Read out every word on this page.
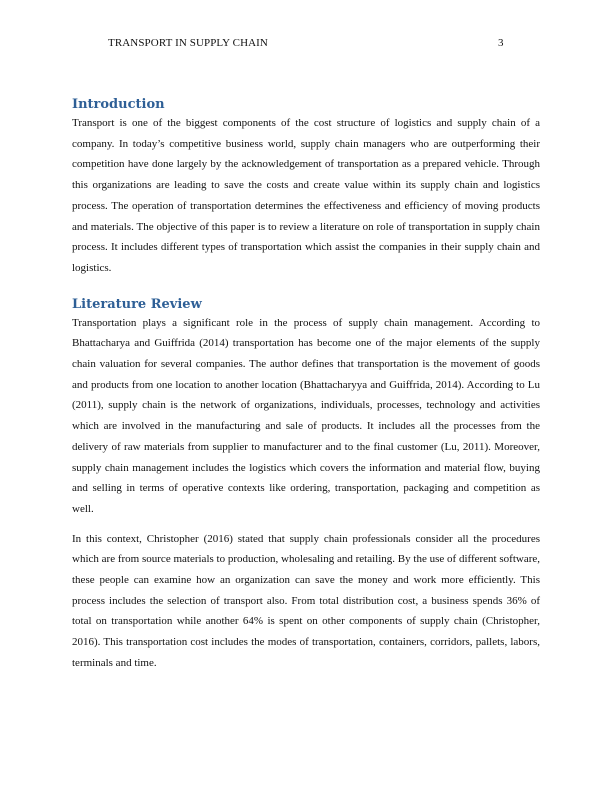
TRANSPORT IN SUPPLY CHAIN	3
Introduction

Transport is one of the biggest components of the cost structure of logistics and supply chain of a company. In today’s competitive business world, supply chain managers who are outperforming their competition have done largely by the acknowledgement of transportation as a prepared vehicle. Through this organizations are leading to save the costs and create value within its supply chain and logistics process. The operation of transportation determines the effectiveness and efficiency of moving products and materials. The objective of this paper is to review a literature on role of transportation in supply chain process. It includes different types of transportation which assist the companies in their supply chain and logistics.

Literature Review

Transportation plays a significant role in the process of supply chain management. According to Bhattacharya and Guiffrida (2014) transportation has become one of the major elements of the supply chain valuation for several companies. The author defines that transportation is the movement of goods and products from one location to another location (Bhattacharyya and Guiffrida, 2014). According to Lu (2011), supply chain is the network of organizations, individuals, processes, technology and activities which are involved in the manufacturing and sale of products. It includes all the processes from the delivery of raw materials from supplier to manufacturer and to the final customer (Lu, 2011). Moreover, supply chain management includes the logistics which covers the information and material flow, buying and selling in terms of operative contexts like ordering, transportation, packaging and competition as well.

In this context, Christopher (2016) stated that supply chain professionals consider all the procedures which are from source materials to production, wholesaling and retailing. By the use of different software, these people can examine how an organization can save the money and work more efficiently. This process includes the selection of transport also. From total distribution cost, a business spends 36% of total on transportation while another 64% is spent on other components of supply chain (Christopher, 2016). This transportation cost includes the modes of transportation, containers, corridors, pallets, labors, terminals and time.
